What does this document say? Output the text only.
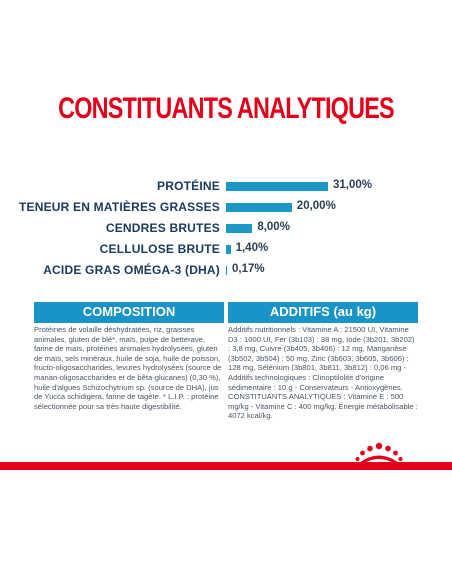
CONSTITUANTS ANALYTIQUES
PROTÉINE	31,00%
TENEUR EN MATIÈRES GRASSES	20,00%
CENDRES BRUTES	8,00%
CELLULOSE BRUTE 1,40%
ACIDE GRAS OMÉGA-3 (DHA) 0,17%
COMPOSITION
Protéines de volaille déshydratées, riz, graisses animales, gluten de blé*, maïs, pulpe de betterave, farine de maïs, protéines animales hydrolysées, gluten de maïs, sels minéraux, huile de soja, huile de poisson, fructo-oligosaccharides, levures hydrolysées (source de manan-oligosaccharides et de bêta-glucanes) (0,30 %), huile d'algues Schizochytrium sp. (source de DHA), jus de Yucca schidigera, farine de tagète. * L.I.P. : protéine sélectionnée pour sa très haute digestibilité.
ADDITIFS (au kg)
Additifs nutritionnels : Vitamine A : 21500 UI, Vitamine D3 : 1000 UI, Fer (3b103) : 38 mg, Iode (3b201, 3b202) : 3,8 mg, Cuivre (3b405, 3b406) : 12 mg, Manganèse (3b502, 3b504) : 50 mg, Zinc (3b603, 3b605, 3b606) : 128 mg, Sélénium (3b801, 3b811, 3b812) : 0,06 mg - Additifs technologiques : Clinoptilolite d'origine sédimentaire : 10 g - Conservateurs - Antioxygènes. CONSTITUANTS ANALYTIQUES : Vitamine E : 500 mg/kg - Vitamine C : 400 mg/kg. Énergie métabolisable : 4072 kcal/kg.
